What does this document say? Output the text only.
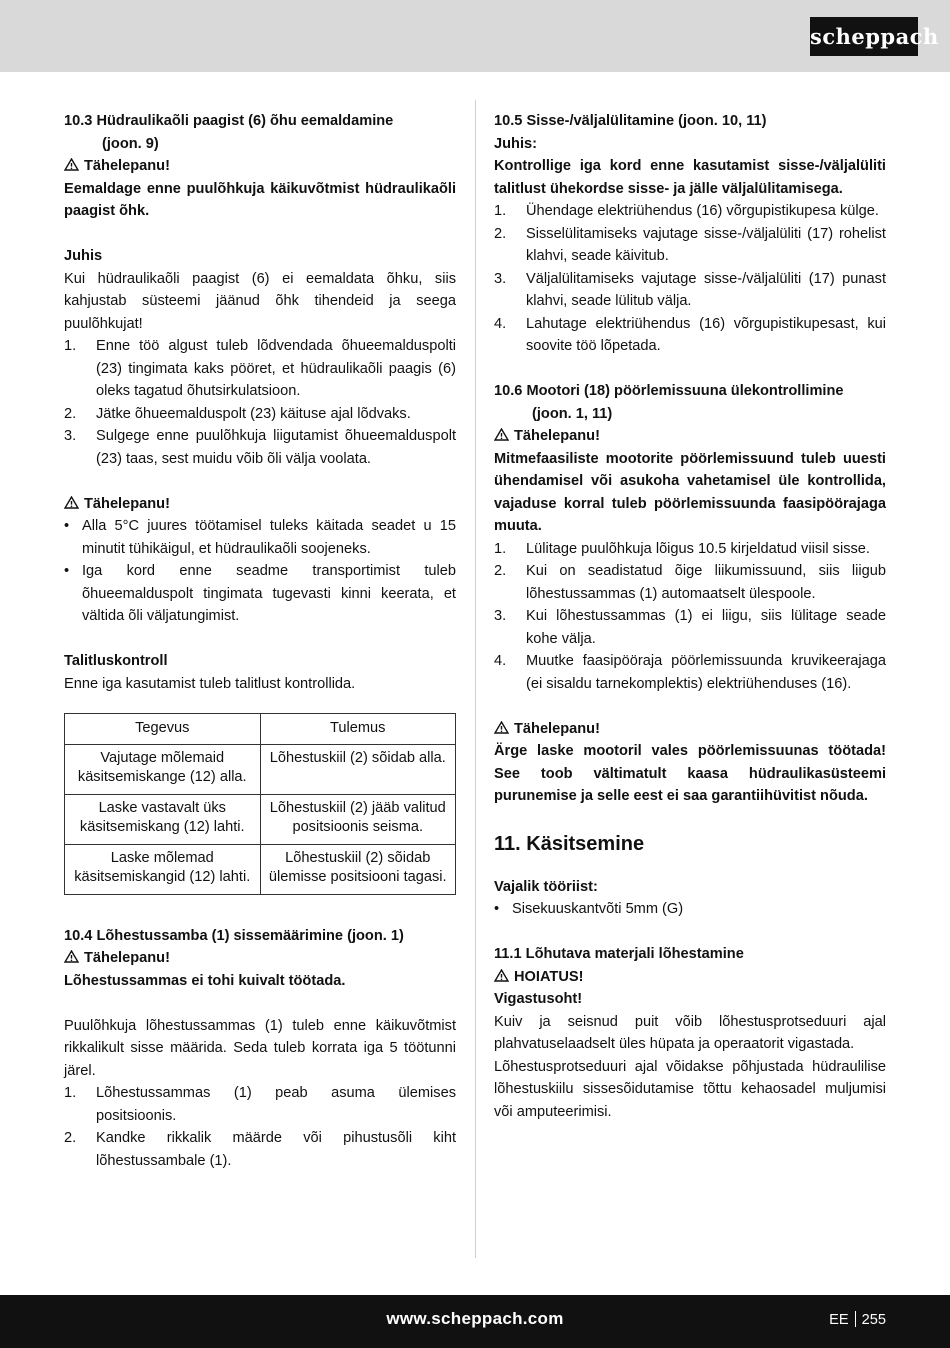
scheppach
10.3 Hüdraulikaõli paagist (6) õhu eemaldamine
(joon. 9)
Tähelepanu!

Eemaldage enne puulõhkuja käikuvõtmist hüdraulikaõli paagist õhk.

Juhis

Kui hüdraulikaõli paagist (6) ei eemaldata õhku, siis kahjustab süsteemi jäänud õhk tihendeid ja seega puulõhkujat!

1. Enne töö algust tuleb lõdvendada õhueemalduspolti (23) tingimata kaks pööret, et hüdraulikaõli paagis (6) oleks tagatud õhutsirkulatsioon.
2. Jätke õhueemalduspolt (23) käituse ajal lõdvaks.
3. Sulgege enne puulõhkuja liigutamist õhueemalduspolt (23) taas, sest muidu võib õli välja voolata.
Tähelepanu!
• Alla 5°C juures töötamisel tuleks käitada seadet u 15 minutit tühikäigul, et hüdraulikaõli soojeneks.
• Iga kord enne seadme transportimist tuleb õhueemalduspolt tingimata tugevasti kinni keerata, et vältida õli väljatungimist.
Talitluskontroll

Enne iga kasutamist tuleb talitlust kontrollida.

Tegevus	Tulemus
Vajutage mõlemaid käsitsemiskange (12) alla.	Lõhestuskiil (2) sõidab alla.
Laske vastavalt üks käsitsemiskang (12) lahti.	Lõhestuskiil (2) jääb valitud positsioonis seisma.
Laske mõlemad käsitsemiskangid (12) lahti.	Lõhestuskiil (2) sõidab ülemisse positsiooni tagasi.
10.4 Lõhestussamba (1) sissemäärimine (joon. 1)
Tähelepanu!

Lõhestussammas ei tohi kuivalt töötada.

Puulõhkuja lõhestussammas (1) tuleb enne käikuvõtmist rikkalikult sisse määrida. Seda tuleb korrata iga 5 töötunni järel.

1. Lõhestussammas (1) peab asuma ülemises positsioonis.
2. Kandke rikkalik määrde või pihustusõli kiht lõhestussambale (1).
10.5 Sisse-/väljalülitamine (joon. 10, 11)
Juhis:

Kontrollige iga kord enne kasutamist sisse-/väljalüliti talitlust ühekordse sisse- ja jälle väljalülitamisega.

1. Ühendage elektriühendus (16) võrgupistikupesa külge.
2. Sisselülitamiseks vajutage sisse-/väljalüliti (17) rohelist klahvi, seade käivitub.
3. Väljalülitamiseks vajutage sisse-/väljalüliti (17) punast klahvi, seade lülitub välja.
4. Lahutage elektriühendus (16) võrgupistikupesast, kui soovite töö lõpetada.
10.6 Mootori (18) pöörlemissuuna ülekontrollimine
(joon. 1, 11)
Tähelepanu!

Mitmefaasiliste mootorite pöörlemissuund tuleb uuesti ühendamisel või asukoha vahetamisel üle kontrollida, vajaduse korral tuleb pöörlemissuunda faasipöörajaga muuta.

1. Lülitage puulõhkuja lõigus 10.5 kirjeldatud viisil sisse.
2. Kui on seadistatud õige liikumissuund, siis liigub lõhestussammas (1) automaatselt ülespoole.
3. Kui lõhestussammas (1) ei liigu, siis lülitage seade kohe välja.
4. Muutke faasipööraja pöörlemissuunda kruvikeerajaga (ei sisaldu tarnekomplektis) elektriühenduses (16).
Tähelepanu!

Ärge laske mootoril vales pöörlemissuunas töötada! See toob vältimatult kaasa hüdraulikasüsteemi purunemise ja selle eest ei saa garantiihüvitist nõuda.

11. Käsitsemine
Vajalik tööriist:
• Sisekuuskantvõti 5mm (G)
11.1 Lõhutava materjali lõhestamine
HOIATUS!
Vigastusoht!

Kuiv ja seisnud puit võib lõhestusprotseduuri ajal plahvatuselaadselt üles hüpata ja operaatorit vigastada.

Lõhestusprotseduuri ajal võidakse põhjustada hüdraulilise lõhestuskiilu sissesõidutamise tõttu kehaosadel muljumisi või amputeerimisi.

www.scheppach.com	EE 255
